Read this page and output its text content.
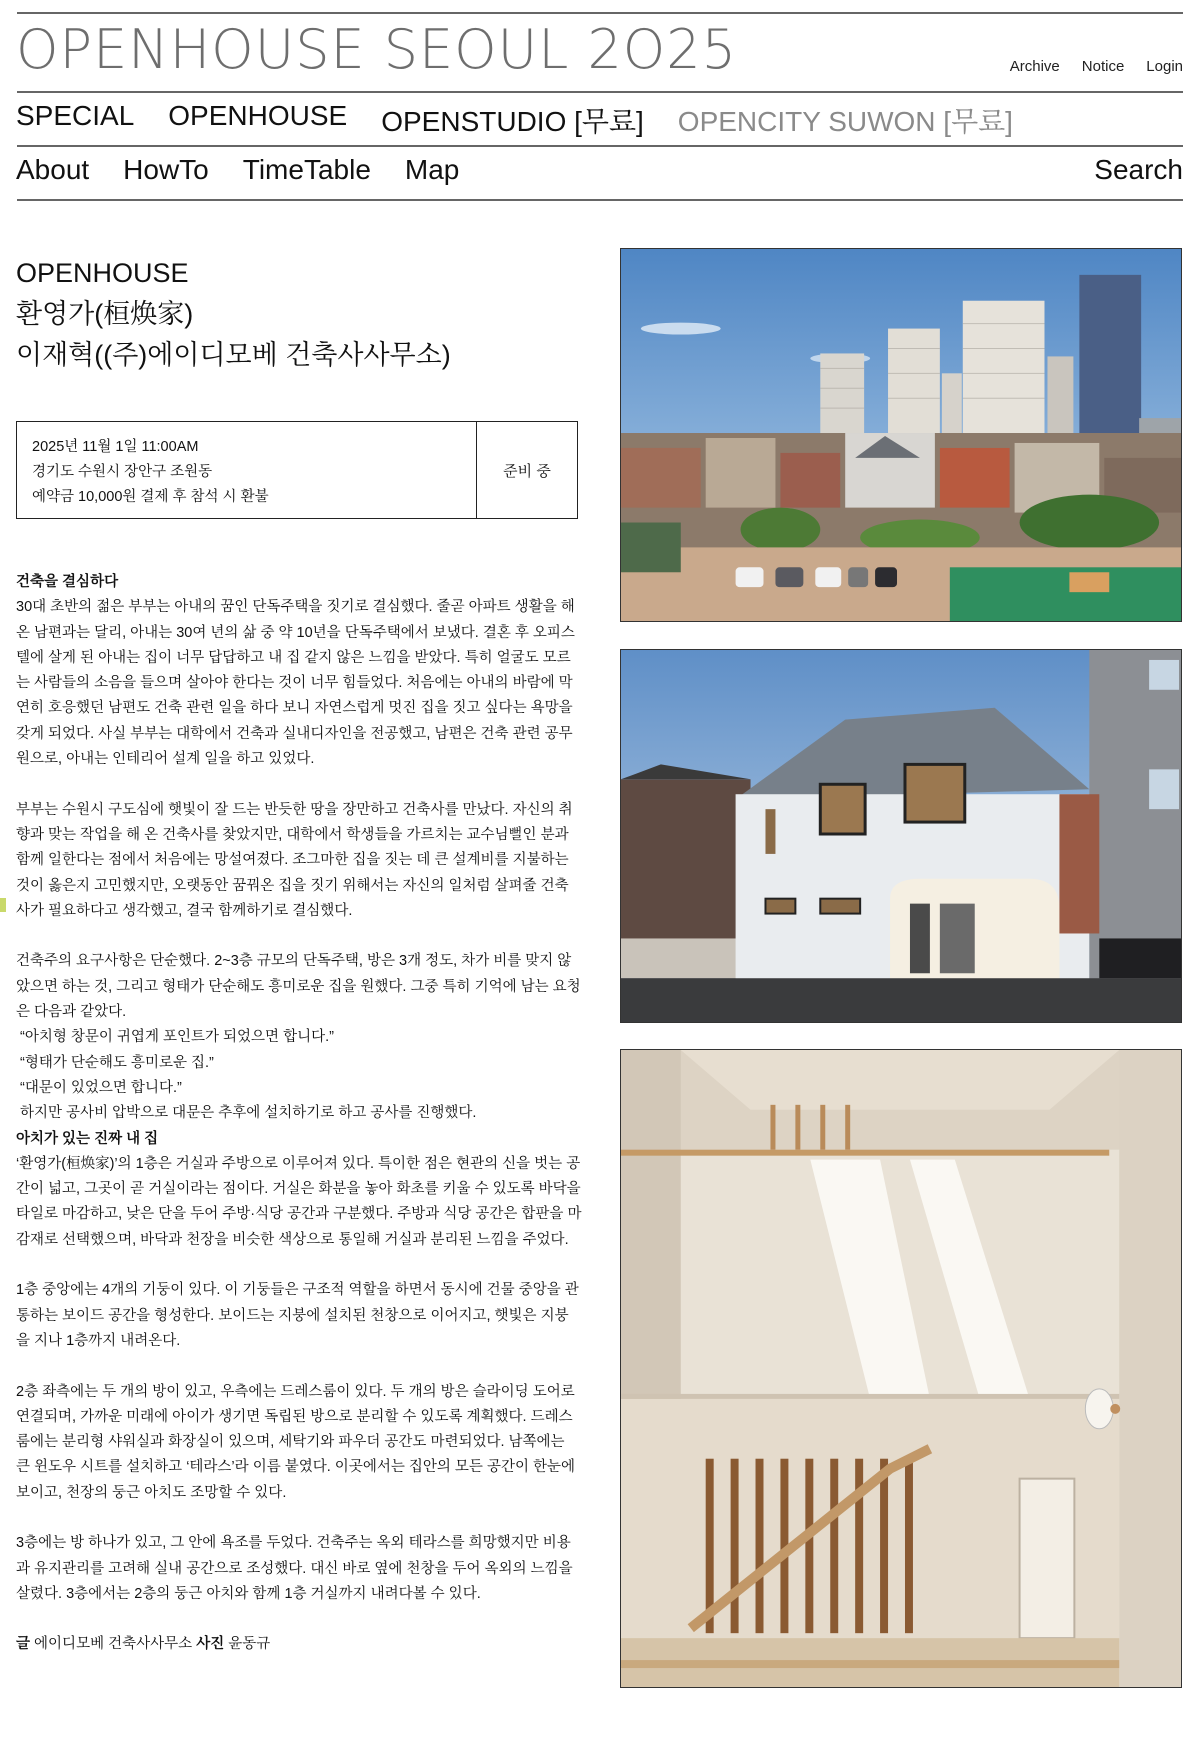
OPENHOUSE SEOUL 2O25	Archive Notice Login
SPECIAL OPENHOUSE OPENSTUDIO [무료] OPENCITY SUWON [무료]
About HowTo TimeTable Map	Search
OPENHOUSE
환영가(桓焕家)
이재혁((주)에이디모베 건축사사무소)
2025년 11월 1일 11:00AM
경기도 수원시 장안구 조원동
예약금 10,000원 결제 후 참석 시 환불
준비 중
건축을 결심하다

30대 초반의 젊은 부부는 아내의 꿈인 단독주택을 짓기로 결심했다. 줄곧 아파트 생활을 해 온 남편과는 달리, 아내는 30여 년의 삶 중 약 10년을 단독주택에서 보냈다. 결혼 후 오피스텔에 살게 된 아내는 집이 너무 답답하고 내 집 같지 않은 느낌을 받았다. 특히 얼굴도 모르는 사람들의 소음을 들으며 살아야 한다는 것이 너무 힘들었다. 처음에는 아내의 바람에 막연히 호응했던 남편도 건축 관련 일을 하다 보니 자연스럽게 멋진 집을 짓고 싶다는 욕망을 갖게 되었다. 사실 부부는 대학에서 건축과 실내디자인을 전공했고, 남편은 건축 관련 공무원으로, 아내는 인테리어 설계 일을 하고 있었다.

부부는 수원시 구도심에 햇빛이 잘 드는 반듯한 땅을 장만하고 건축사를 만났다. 자신의 취향과 맞는 작업을 해 온 건축사를 찾았지만, 대학에서 학생들을 가르치는 교수님뻘인 분과 함께 일한다는 점에서 처음에는 망설여졌다. 조그마한 집을 짓는 데 큰 설계비를 지불하는 것이 옳은지 고민했지만, 오랫동안 꿈꿔온 집을 짓기 위해서는 자신의 일처럼 살펴줄 건축사가 필요하다고 생각했고, 결국 함께하기로 결심했다.

건축주의 요구사항은 단순했다. 2~3층 규모의 단독주택, 방은 3개 정도, 차가 비를 맞지 않았으면 하는 것, 그리고 형태가 단순해도 흥미로운 집을 원했다. 그중 특히 기억에 남는 요청은 다음과 같았다.
“아치형 창문이 귀엽게 포인트가 되었으면 합니다.”
“형태가 단순해도 흥미로운 집.”
“대문이 있었으면 합니다.”

하지만 공사비 압박으로 대문은 추후에 설치하기로 하고 공사를 진행했다.

아치가 있는 진짜 내 집

‘환영가(桓焕家)’의 1층은 거실과 주방으로 이루어져 있다. 특이한 점은 현관의 신을 벗는 공간이 넓고, 그곳이 곧 거실이라는 점이다. 거실은 화분을 놓아 화초를 키울 수 있도록 바닥을 타일로 마감하고, 낮은 단을 두어 주방·식당 공간과 구분했다. 주방과 식당 공간은 합판을 마감재로 선택했으며, 바닥과 천장을 비슷한 색상으로 통일해 거실과 분리된 느낌을 주었다.

1층 중앙에는 4개의 기둥이 있다. 이 기둥들은 구조적 역할을 하면서 동시에 건물 중앙을 관통하는 보이드 공간을 형성한다. 보이드는 지붕에 설치된 천창으로 이어지고, 햇빛은 지붕을 지나 1층까지 내려온다.

2층 좌측에는 두 개의 방이 있고, 우측에는 드레스룸이 있다. 두 개의 방은 슬라이딩 도어로 연결되며, 가까운 미래에 아이가 생기면 독립된 방으로 분리할 수 있도록 계획했다. 드레스룸에는 분리형 샤워실과 화장실이 있으며, 세탁기와 파우더 공간도 마련되었다. 남쪽에는 큰 윈도우 시트를 설치하고 ‘테라스’라 이름 붙였다. 이곳에서는 집안의 모든 공간이 한눈에 보이고, 천장의 둥근 아치도 조망할 수 있다.

3층에는 방 하나가 있고, 그 안에 욕조를 두었다. 건축주는 옥외 테라스를 희망했지만 비용과 유지관리를 고려해 실내 공간으로 조성했다. 대신 바로 옆에 천창을 두어 옥외의 느낌을 살렸다. 3층에서는 2층의 둥근 아치와 함께 1층 거실까지 내려다볼 수 있다.

글 에이디모베 건축사사무소 사진 윤동규
